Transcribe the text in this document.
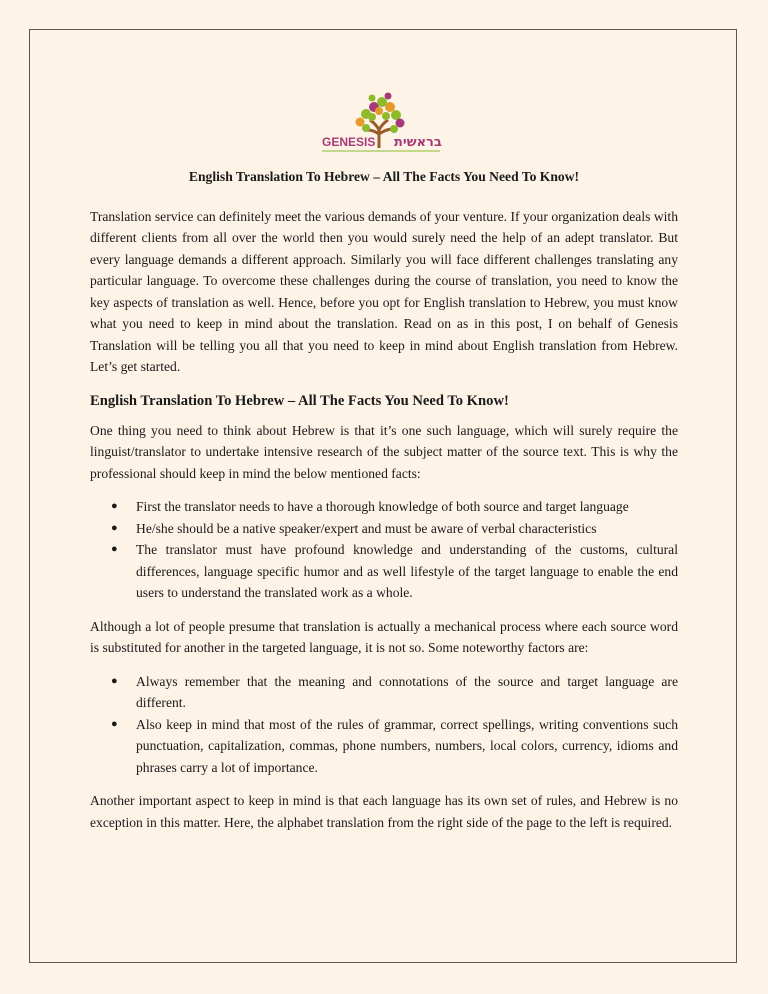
GENESIS בראשית
English Translation To Hebrew – All The Facts You Need To Know!

Translation service can definitely meet the various demands of your venture. If your organization deals with different clients from all over the world then you would surely need the help of an adept translator. But every language demands a different approach. Similarly you will face different challenges translating any particular language. To overcome these challenges during the course of translation, you need to know the key aspects of translation as well. Hence, before you opt for English translation to Hebrew, you must know what you need to keep in mind about the translation. Read on as in this post, I on behalf of Genesis Translation will be telling you all that you need to keep in mind about English translation from Hebrew. Let’s get started.

English Translation To Hebrew – All The Facts You Need To Know!

One thing you need to think about Hebrew is that it’s one such language, which will surely require the linguist/translator to undertake intensive research of the subject matter of the source text. This is why the professional should keep in mind the below mentioned facts:

● First the translator needs to have a thorough knowledge of both source and target language
● He/she should be a native speaker/expert and must be aware of verbal characteristics
● The translator must have profound knowledge and understanding of the customs, cultural differences, language specific humor and as well lifestyle of the target language to enable the end users to understand the translated work as a whole.

Although a lot of people presume that translation is actually a mechanical process where each source word is substituted for another in the targeted language, it is not so. Some noteworthy factors are:

● Always remember that the meaning and connotations of the source and target language are different.
● Also keep in mind that most of the rules of grammar, correct spellings, writing conventions such punctuation, capitalization, commas, phone numbers, numbers, local colors, currency, idioms and phrases carry a lot of importance.

Another important aspect to keep in mind is that each language has its own set of rules, and Hebrew is no exception in this matter. Here, the alphabet translation from the right side of the page to the left is required.
